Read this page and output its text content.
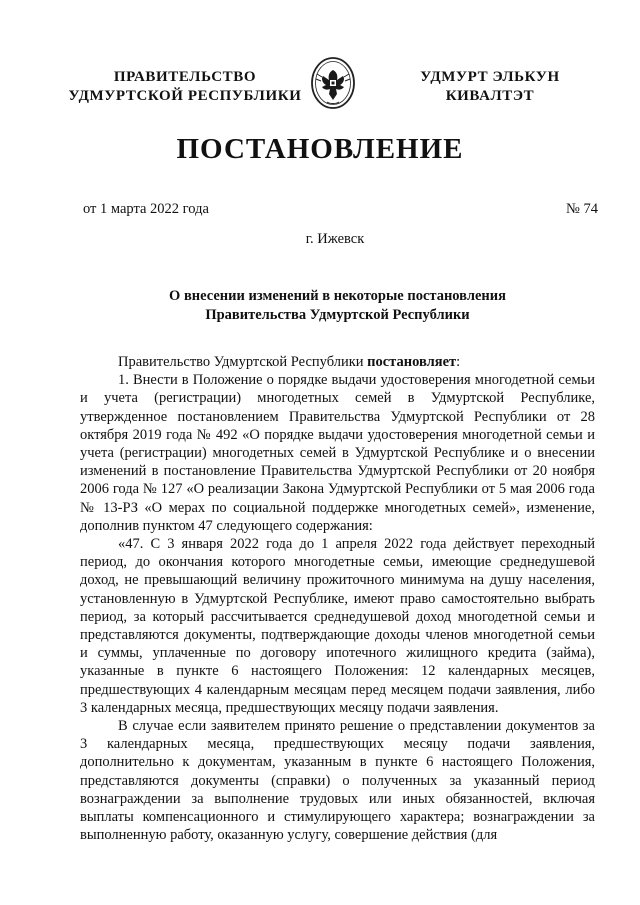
ПРАВИТЕЛЬСТВО
УДМУРТСКОЙ РЕСПУБЛИКИ
УДМУРТ ЭЛЬКУН
КИВАЛТЭТ
ПОСТАНОВЛЕНИЕ
от 1 марта 2022 года	№ 74
г. Ижевск
О внесении изменений в некоторые постановления
Правительства Удмуртской Республики

Правительство Удмуртской Республики постановляет:

1. Внести в Положение о порядке выдачи удостоверения многодетной семьи и учета (регистрации) многодетных семей в Удмуртской Республике, утвержденное постановлением Правительства Удмуртской Республики от 28 октября 2019 года № 492 «О порядке выдачи удостоверения многодетной семьи и учета (регистрации) многодетных семей в Удмуртской Республике и о внесении изменений в постановление Правительства Удмуртской Республики от 20 ноября 2006 года № 127 «О реализации Закона Удмуртской Республики от 5 мая 2006 года № 13-РЗ «О мерах по социальной поддержке многодетных семей», изменение, дополнив пунктом 47 следующего содержания:

«47. С 3 января 2022 года до 1 апреля 2022 года действует переходный период, до окончания которого многодетные семьи, имеющие среднедушевой доход, не превышающий величину прожиточного минимума на душу населения, установленную в Удмуртской Республике, имеют право самостоятельно выбрать период, за который рассчитывается среднедушевой доход многодетной семьи и представляются документы, подтверждающие доходы членов многодетной семьи и суммы, уплаченные по договору ипотечного жилищного кредита (займа), указанные в пункте 6 настоящего Положения: 12 календарных месяцев, предшествующих 4 календарным месяцам перед месяцем подачи заявления, либо 3 календарных месяца, предшествующих месяцу подачи заявления.

В случае если заявителем принято решение о представлении документов за 3 календарных месяца, предшествующих месяцу подачи заявления, дополнительно к документам, указанным в пункте 6 настоящего Положения, представляются документы (справки) о полученных за указанный период вознаграждении за выполнение трудовых или иных обязанностей, включая выплаты компенсационного и стимулирующего характера; вознаграждении за выполненную работу, оказанную услугу, совершение действия (для
